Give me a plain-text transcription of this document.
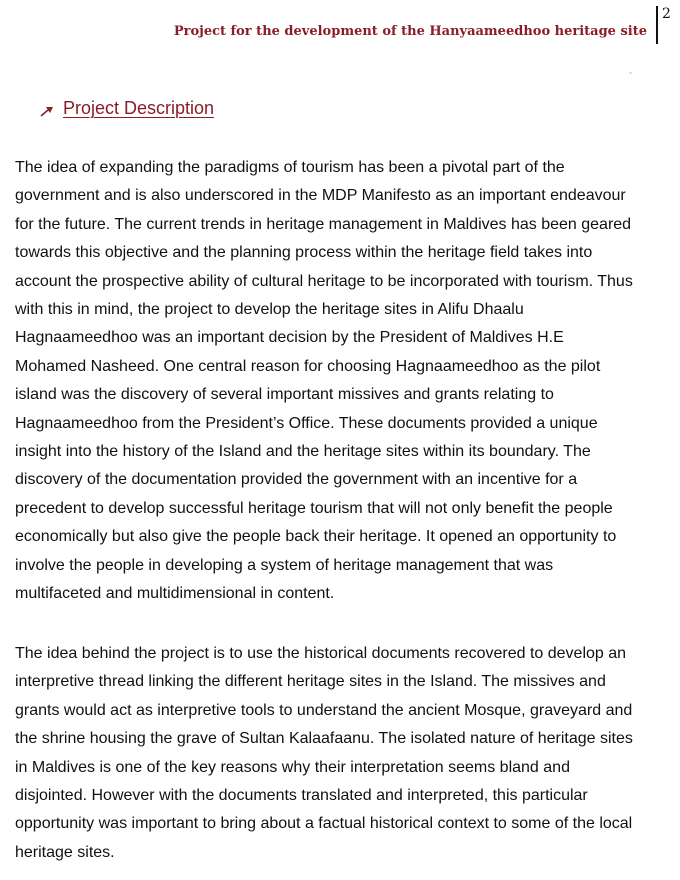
Project for the development of the Hanyaameedhoo heritage site
2
Project Description
The idea of expanding the paradigms of tourism has been a pivotal part of the
government and is also underscored in the MDP Manifesto as an important endeavour
for the future. The current trends in heritage management in Maldives has been geared
towards this objective and the planning process within the heritage field takes into
account the prospective ability of cultural heritage to be incorporated with tourism. Thus
with this in mind, the project to develop the heritage sites in Alifu Dhaalu
Hagnaameedhoo was an important decision by the President of Maldives H.E
Mohamed Nasheed. One central reason for choosing Hagnaameedhoo as the pilot
island was the discovery of several important missives and grants relating to
Hagnaameedhoo from the President’s Office. These documents provided a unique
insight into the history of the Island and the heritage sites within its boundary. The
discovery of the documentation provided the government with an incentive for a
precedent to develop successful heritage tourism that will not only benefit the people
economically but also give the people back their heritage. It opened an opportunity to
involve the people in developing a system of heritage management that was
multifaceted and multidimensional in content.
The idea behind the project is to use the historical documents recovered to develop an
interpretive thread linking the different heritage sites in the Island. The missives and
grants would act as interpretive tools to understand the ancient Mosque, graveyard and
the shrine housing the grave of Sultan Kalaafaanu. The isolated nature of heritage sites
in Maldives is one of the key reasons why their interpretation seems bland and
disjointed. However with the documents translated and interpreted, this particular
opportunity was important to bring about a factual historical context to some of the local
heritage sites.
